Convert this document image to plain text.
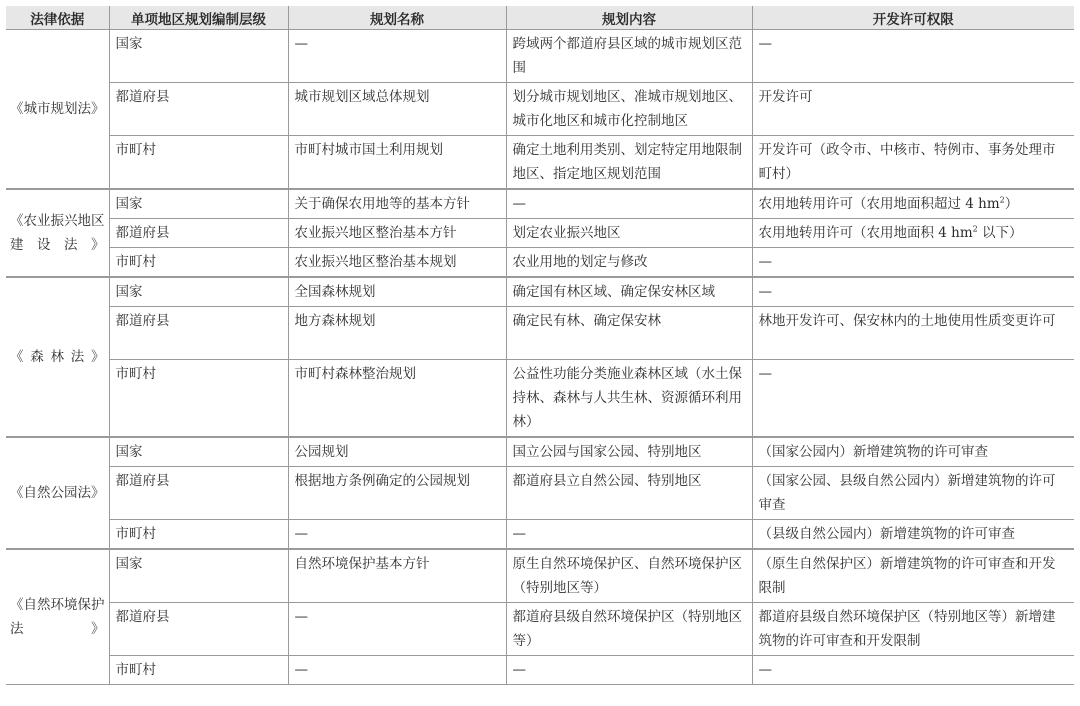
法律依据	单项地区规划编制层级	规划名称	规划内容	开发许可权限
《城市规划法》	国家	—	跨域两个都道府县区域的城市规划区范围	—
	都道府县	城市规划区域总体规划	划分城市规划地区、准城市规划地区、城市化地区和城市化控制地区	开发许可
	市町村	市町村城市国土利用规划	确定土地利用类别、划定特定用地限制地区、指定地区规划范围	开发许可（政令市、中核市、特例市、事务处理市町村）
《农业振兴地区建设法》	国家	关于确保农用地等的基本方针	—	农用地转用许可（农用地面积超过 4 $hm^2$）
	都道府县	农业振兴地区整治基本方针	划定农业振兴地区	农用地转用许可（农用地面积 4 $hm^2$ 以下）
	市町村	农业振兴地区整治基本规划	农业用地的划定与修改	—
《森林法》	国家	全国森林规划	确定国有林区域、确定保安林区域	—
	都道府县	地方森林规划	确定民有林、确定保安林	林地开发许可、保安林内的土地使用性质变更许可
	市町村	市町村森林整治规划	公益性功能分类施业森林区域（水土保持林、森林与人共生林、资源循环利用林）	—
《自然公园法》	国家	公园规划	国立公园与国家公园、特别地区	（国家公园内）新增建筑物的许可审查
	都道府县	根据地方条例确定的公园规划	都道府县立自然公园、特别地区	（国家公园、县级自然公园内）新增建筑物的许可审查
	市町村	—	—	（县级自然公园内）新增建筑物的许可审查
《自然环境保护法》	国家	自然环境保护基本方针	原生自然环境保护区、自然环境保护区（特别地区等）	（原生自然保护区）新增建筑物的许可审查和开发限制
	都道府县	—	都道府县级自然环境保护区（特别地区等）	都道府县级自然环境保护区（特别地区等）新增建筑物的许可审查和开发限制
	市町村	—	—	—
